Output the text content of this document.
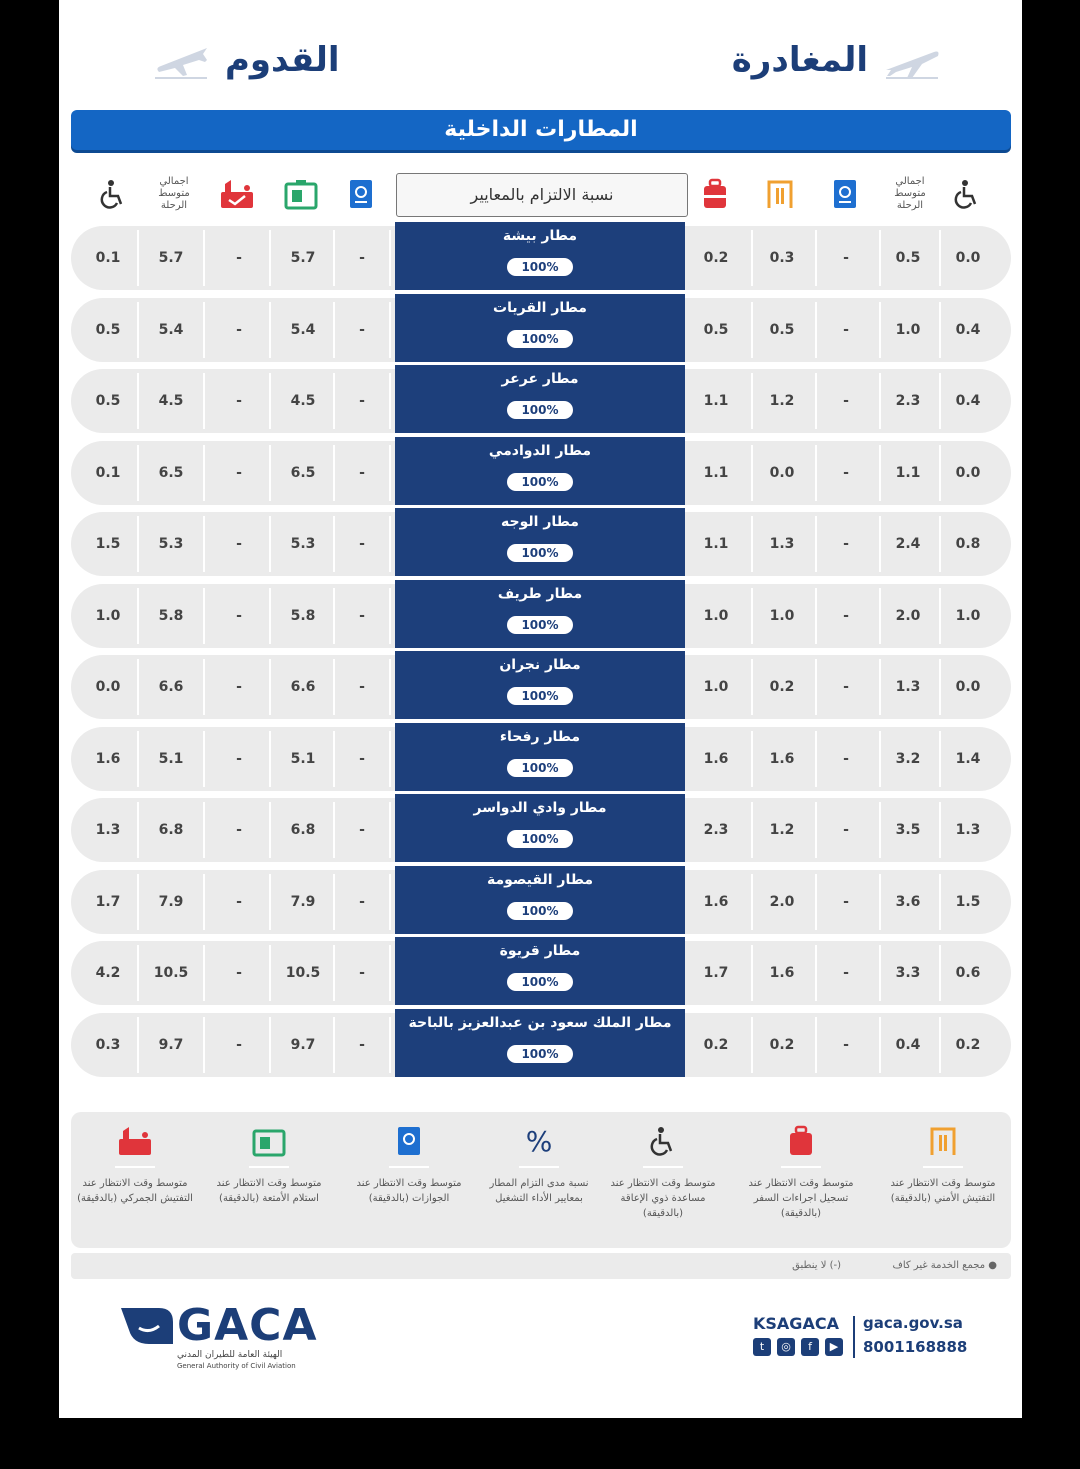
المغادرة
القدوم
المطارات الداخلية
اجمالي متوسط الرحلة
نسبة الالتزام بالمعايير
اجمالي متوسط الرحلة
0.1	5.7	-	5.7	-	0.2	0.3	-	0.5	0.0
مطار بيشة
100%
0.5	5.4	-	5.4	-	0.5	0.5	-	1.0	0.4
مطار القريات
100%
0.5	4.5	-	4.5	-	1.1	1.2	-	2.3	0.4
مطار عرعر
100%
0.1	6.5	-	6.5	-	1.1	0.0	-	1.1	0.0
مطار الدوادمي
100%
1.5	5.3	-	5.3	-	1.1	1.3	-	2.4	0.8
مطار الوجه
100%
1.0	5.8	-	5.8	-	1.0	1.0	-	2.0	1.0
مطار طريف
100%
0.0	6.6	-	6.6	-	1.0	0.2	-	1.3	0.0
مطار نجران
100%
1.6	5.1	-	5.1	-	1.6	1.6	-	3.2	1.4
مطار رفحاء
100%
1.3	6.8	-	6.8	-	2.3	1.2	-	3.5	1.3
مطار وادي الدواسر
100%
1.7	7.9	-	7.9	-	1.6	2.0	-	3.6	1.5
مطار القيصومة
100%
4.2	10.5	-	10.5	-	1.7	1.6	-	3.3	0.6
مطار قريوة
100%
0.3	9.7	-	9.7	-	0.2	0.2	-	0.4	0.2
مطار الملك سعود بن عبدالعزيز بالباحة
100%
متوسط وقت الانتظار عند التفتيش الجمركي (بالدقيقة)
متوسط وقت الانتظار عند استلام الأمتعة (بالدقيقة)
متوسط وقت الانتظار عند الجوازات (بالدقيقة)
%
نسبة مدى التزام المطار بمعايير الأداء التشغيل
متوسط وقت الانتظار عند مساعدة ذوي الإعاقة (بالدقيقة)
متوسط وقت الانتظار عند تسجيل اجراءات السفر (بالدقيقة)
متوسط وقت الانتظار عند التفتيش الأمني (بالدقيقة)
● مجمع الخدمة غير كاف
(-) لا ينطبق
GACA
الهيئة العامة للطيران المدني
General Authority of Civil Aviation
KSAGACA
t	◎	f	▶
gaca.gov.sa
8001168888
